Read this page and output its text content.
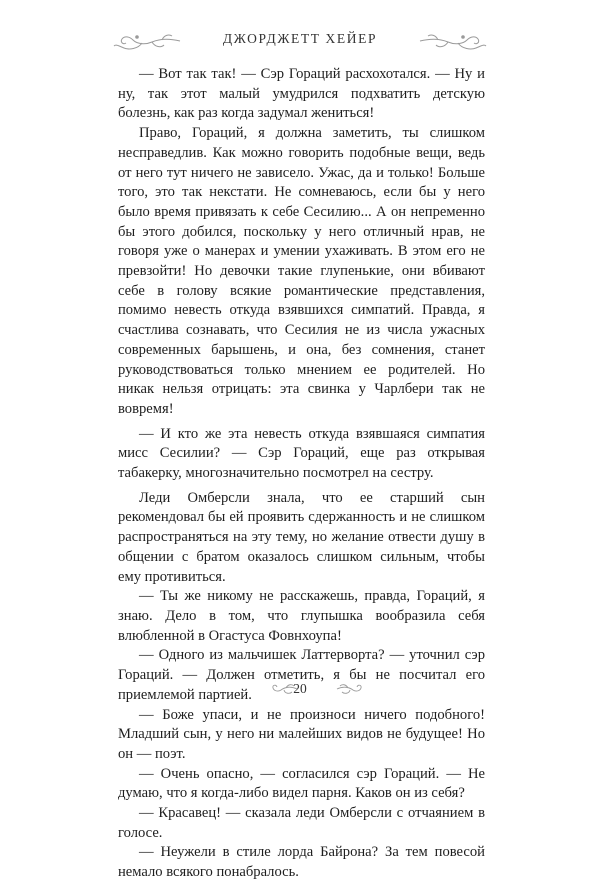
ДЖОРДЖЕТТ ХЕЙЕР

— Вот так так! — Сэр Гораций расхохотался. — Ну и ну, так этот малый умудрился подхватить детскую болезнь, как раз когда задумал жениться!

Право, Гораций, я должна заметить, ты слишком несправедлив. Как можно говорить подобные вещи, ведь от него тут ничего не зависело. Ужас, да и только! Больше того, это так некстати. Не сомневаюсь, если бы у него было время привязать к себе Сесилию... А он непременно бы этого добился, поскольку у него отличный нрав, не говоря уже о манерах и умении ухаживать. В этом его не превзойти! Но девочки такие глупенькие, они вбивают себе в голову всякие романтические представления, помимо невесть откуда взявшихся симпатий. Правда, я счастлива сознавать, что Сесилия не из числа ужасных современных барышень, и она, без сомнения, станет руководствоваться только мнением ее родителей. Но никак нельзя отрицать: эта свинка у Чарлбери так не вовремя!

— И кто же эта невесть откуда взявшаяся симпатия мисс Сесилии? — Сэр Гораций, еще раз открывая табакерку, многозначительно посмотрел на сестру.

Леди Омберсли знала, что ее старший сын рекомендовал бы ей проявить сдержанность и не слишком распространяться на эту тему, но желание отвести душу в общении с братом оказалось слишком сильным, чтобы ему противиться.

— Ты же никому не расскажешь, правда, Гораций, я знаю. Дело в том, что глупышка вообразила себя влюбленной в Огастуса Фовнхоупа!

— Одного из мальчишек Латтерворта? — уточнил сэр Гораций. — Должен отметить, я бы не посчитал его приемлемой партией.

— Боже упаси, и не произноси ничего подобного! Младший сын, у него ни малейших видов не будущее! Но он — поэт.

— Очень опасно, — согласился сэр Гораций. — Не думаю, что я когда-либо видел парня. Каков он из себя?

— Красавец! — сказала леди Омберсли с отчаянием в голосе.

— Неужели в стиле лорда Байрона? За тем повесой немало всякого понабралось.

20
